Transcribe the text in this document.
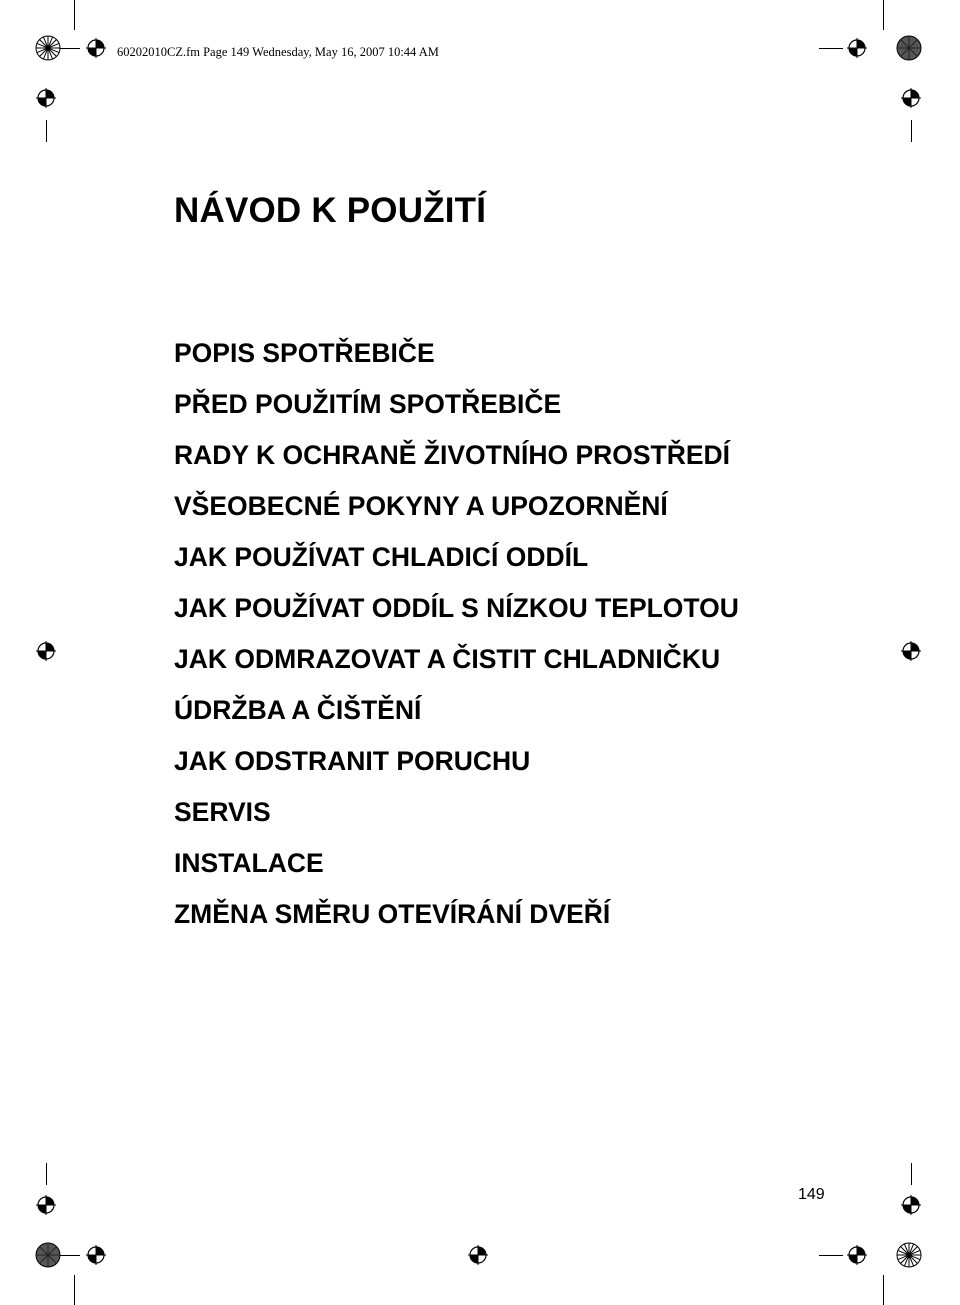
60202010CZ.fm Page 149 Wednesday, May 16, 2007 10:44 AM
NÁVOD K POUŽITÍ
POPIS SPOTŘEBIČE
PŘED POUŽITÍM SPOTŘEBIČE
RADY K OCHRANĚ ŽIVOTNÍHO PROSTŘEDÍ
VŠEOBECNÉ POKYNY A UPOZORNĚNÍ
JAK POUŽÍVAT CHLADICÍ ODDÍL
JAK POUŽÍVAT ODDÍL S NÍZKOU TEPLOTOU
JAK ODMRAZOVAT A ČISTIT CHLADNIČKU
ÚDRŽBA A ČIŠTĚNÍ
JAK ODSTRANIT PORUCHU
SERVIS
INSTALACE
ZMĚNA SMĚRU OTEVÍRÁNÍ DVEŘÍ
149
